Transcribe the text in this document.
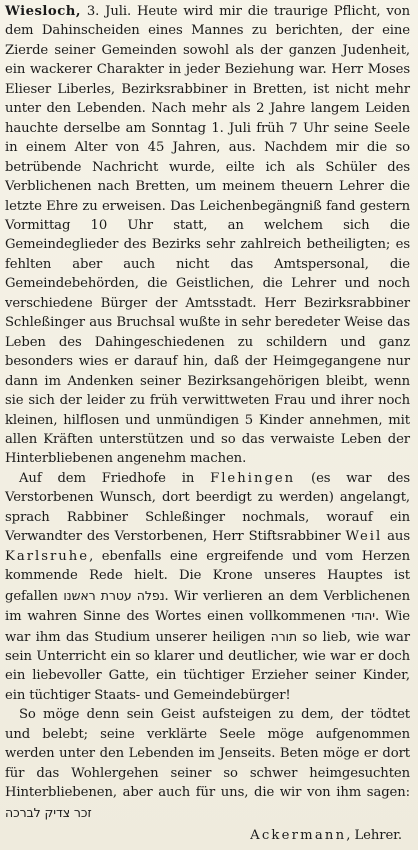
Wiesloch, 3. Juli. Heute wird mir die traurige Pflicht, von dem Dahinscheiden eines Mannes zu berichten, der eine Zierde seiner Gemeinden sowohl als der ganzen Judenheit, ein wackerer Charakter in jeder Beziehung war. Herr Moses Elieser Liberles, Bezirksrabbiner in Bretten, ist nicht mehr unter den Lebenden. Nach mehr als 2 Jahre langem Leiden hauchte derselbe am Sonntag 1. Juli früh 7 Uhr seine Seele in einem Alter von 45 Jahren, aus. Nachdem mir die so betrübende Nachricht wurde, eilte ich als Schüler des Verblichenen nach Bretten, um meinem theuern Lehrer die letzte Ehre zu erweisen. Das Leichenbegängniß fand gestern Vormittag 10 Uhr statt, an welchem sich die Gemeindeglieder des Bezirks sehr zahlreich betheiligten; es fehlten aber auch nicht das Amtspersonal, die Gemeindebehörden, die Geistlichen, die Lehrer und noch verschiedene Bürger der Amtsstadt. Herr Bezirksrabbiner Schleßinger aus Bruchsal wußte in sehr beredeter Weise das Leben des Dahingeschiedenen zu schildern und ganz besonders wies er darauf hin, daß der Heimgegangene nur dann im Andenken seiner Bezirksangehörigen bleibt, wenn sie sich der leider zu früh verwittweten Frau und ihrer noch kleinen, hilflosen und unmündigen 5 Kinder annehmen, mit allen Kräften unterstützen und so das verwaiste Leben der Hinterbliebenen angenehm machen.

Auf dem Friedhofe in Flehingen (es war des Verstorbenen Wunsch, dort beerdigt zu werden) angelangt, sprach Rabbiner Schleßinger nochmals, worauf ein Verwandter des Verstorbenen, Herr Stiftsrabbiner Weil aus Karlsruhe, ebenfalls eine ergreifende und vom Herzen kommende Rede hielt. Die Krone unseres Hauptes ist gefallen נפלה עטרת ראשנו. Wir verlieren an dem Verblichenen im wahren Sinne des Wortes einen vollkommenen יהודי. Wie war ihm das Studium unserer heiligen תורה so lieb, wie war sein Unterricht ein so klarer und deutlicher, wie war er doch ein liebevoller Gatte, ein tüchtiger Erzieher seiner Kinder, ein tüchtiger Staats- und Gemeindebürger!

So möge denn sein Geist aufsteigen zu dem, der tödtet und belebt; seine verklärte Seele möge aufgenommen werden unter den Lebenden im Jenseits. Beten möge er dort für das Wohlergehen seiner so schwer heimgesuchten Hinterbliebenen, aber auch für uns, die wir von ihm sagen: זכר צדיק לברכה

Ackermann, Lehrer.
